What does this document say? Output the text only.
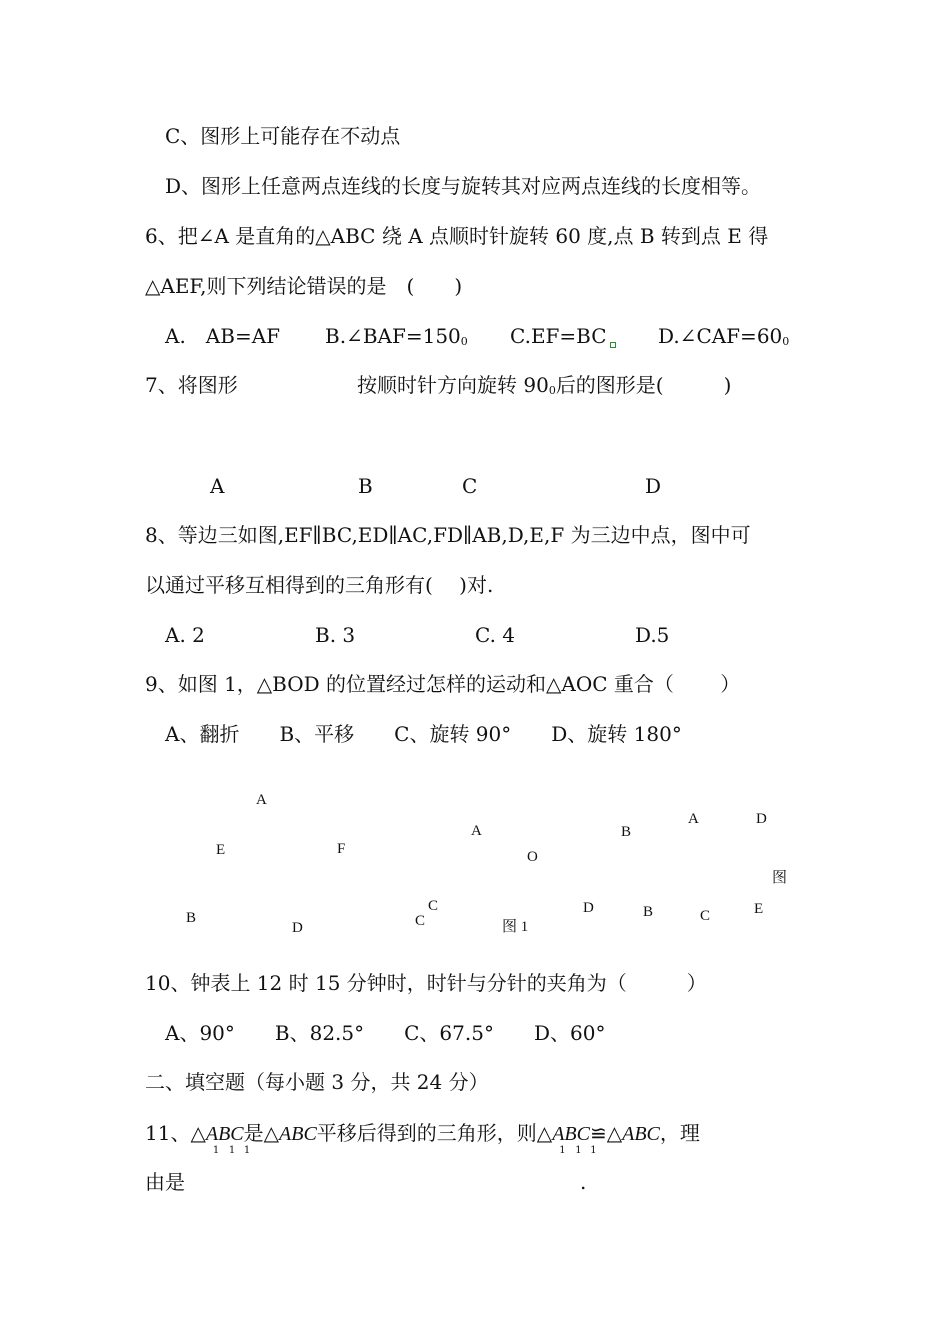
C、图形上可能存在不动点
D、图形上任意两点连线的长度与旋转其对应两点连线的长度相等。
6、把∠A 是直角的△ABC 绕 A 点顺时针旋转 60 度,点 B 转到点 E 得
△AEF,则下列结论错误的是　(　　)
A.　AB=AF B.∠BAF=1500 C.EF=BC	D.∠CAF=600
7、将图形	按顺时针方向旋转 900后的图形是(　　　)
A	B	C	D
8、等边三如图,EF∥BC,ED∥AC,FD∥AB,D,E,F 为三边中点，图中可
以通过平移互相得到的三角形有(　 )对.
A. 2	B. 3	C. 4	D.5
9、如图 1，△BOD 的位置经过怎样的运动和△AOC 重合（　　 ）
A、翻折　　B、平移　　C、旋转 90°　　D、旋转 180°
A
E	F
B
D	C
A
O
C	D
B
图 1
A	D
图
B	C	E
10、钟表上 12 时 15 分钟时，时针与分针的夹角为（　　　）
A、90°　　B、82.5°　　C、67.5°　　D、60°
二、填空题（每小题 3 分，共 24 分）
11、△ABC
1 1 1
是△ABC平移后得到的三角形，则△ABC
1 1 1
≌△ABC，理
由是	.
